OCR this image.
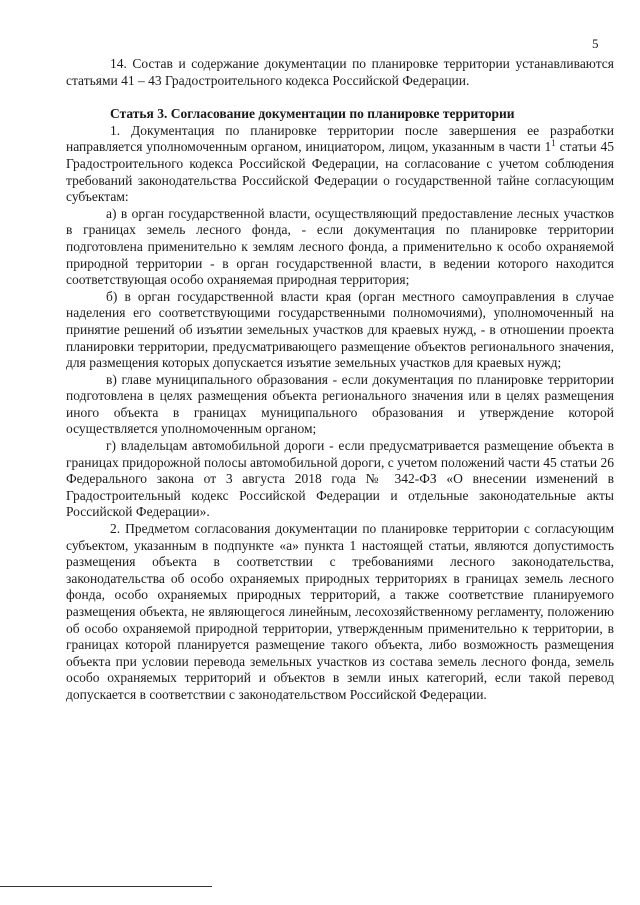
5

14. Состав и содержание документации по планировке территории устанавливаются статьями 41 – 43 Градостроительного кодекса Российской Федерации.

Статья 3. Согласование документации по планировке территории

1. Документация по планировке территории после завершения ее разработки направляется уполномоченным органом, инициатором, лицом, указанным в части $1^1$ статьи 45 Градостроительного кодекса Российской Федерации, на согласование с учетом соблюдения требований законодательства Российской Федерации о государственной тайне согласующим субъектам:

а) в орган государственной власти, осуществляющий предоставление лесных участков в границах земель лесного фонда, - если документация по планировке территории подготовлена применительно к землям лесного фонда, а применительно к особо охраняемой природной территории - в орган государственной власти, в ведении которого находится соответствующая особо охраняемая природная территория;

б) в орган государственной власти края (орган местного самоуправления в случае наделения его соответствующими государственными полномочиями), уполномоченный на принятие решений об изъятии земельных участков для краевых нужд, - в отношении проекта планировки территории, предусматривающего размещение объектов регионального значения, для размещения которых допускается изъятие земельных участков для краевых нужд;

в) главе муниципального образования - если документация по планировке территории подготовлена в целях размещения объекта регионального значения или в целях размещения иного объекта в границах муниципального образования и утверждение которой осуществляется уполномоченным органом;

г) владельцам автомобильной дороги - если предусматривается размещение объекта в границах придорожной полосы автомобильной дороги, с учетом положений части 45 статьи 26 Федерального закона от 3 августа 2018 года № 342-ФЗ «О внесении изменений в Градостроительный кодекс Российской Федерации и отдельные законодательные акты Российской Федерации».

2. Предметом согласования документации по планировке территории с согласующим субъектом, указанным в подпункте «а» пункта 1 настоящей статьи, являются допустимость размещения объекта в соответствии с требованиями лесного законодательства, законодательства об особо охраняемых природных территориях в границах земель лесного фонда, особо охраняемых природных территорий, а также соответствие планируемого размещения объекта, не являющегося линейным, лесохозяйственному регламенту, положению об особо охраняемой природной территории, утвержденным применительно к территории, в границах которой планируется размещение такого объекта, либо возможность размещения объекта при условии перевода земельных участков из состава земель лесного фонда, земель особо охраняемых территорий и объектов в земли иных категорий, если такой перевод допускается в соответствии с законодательством Российской Федерации.
